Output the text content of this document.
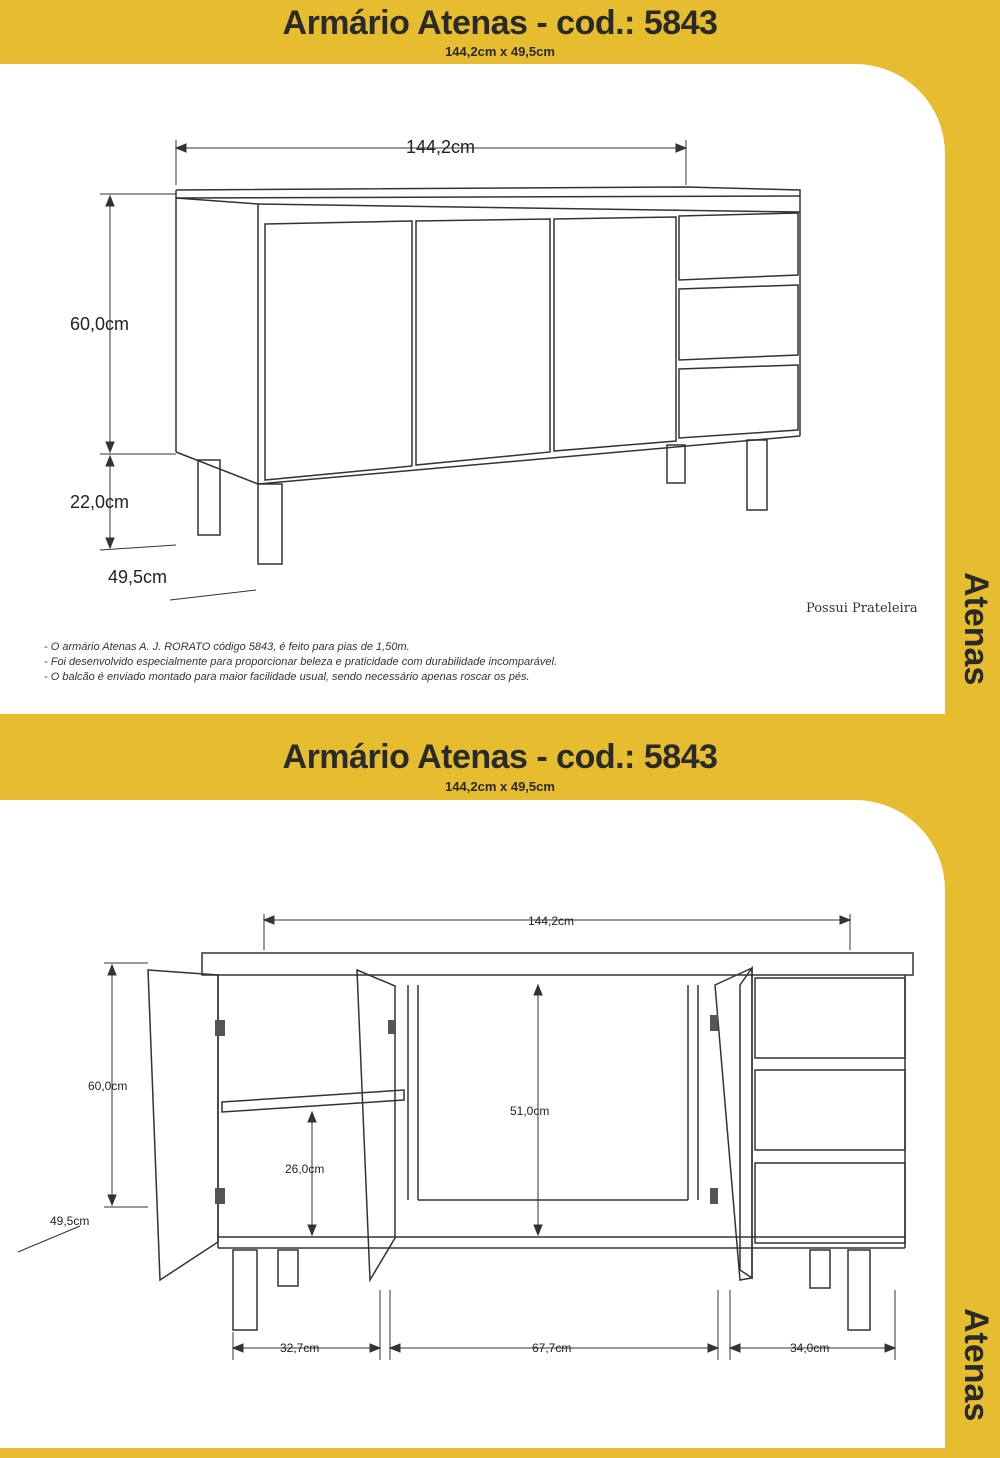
Armário Atenas - cod.: 5843
144,2cm x 49,5cm
Atenas
144,2cm
60,0cm
22,0cm
49,5cm
Possui Prateleira
- O armário Atenas A. J. RORATO código 5843, é feito para pias de 1,50m.
- Foi desenvolvido especialmente para proporcionar beleza e praticidade com durabilidade incomparável.
- O balcão é enviado montado para maior facilidade usual, sendo necessário apenas roscar os pés.
Armário Atenas - cod.: 5843
144,2cm x 49,5cm
Atenas
144,2cm
60,0cm
49,5cm
51,0cm
26,0cm
32,7cm	67,7cm	34,0cm
